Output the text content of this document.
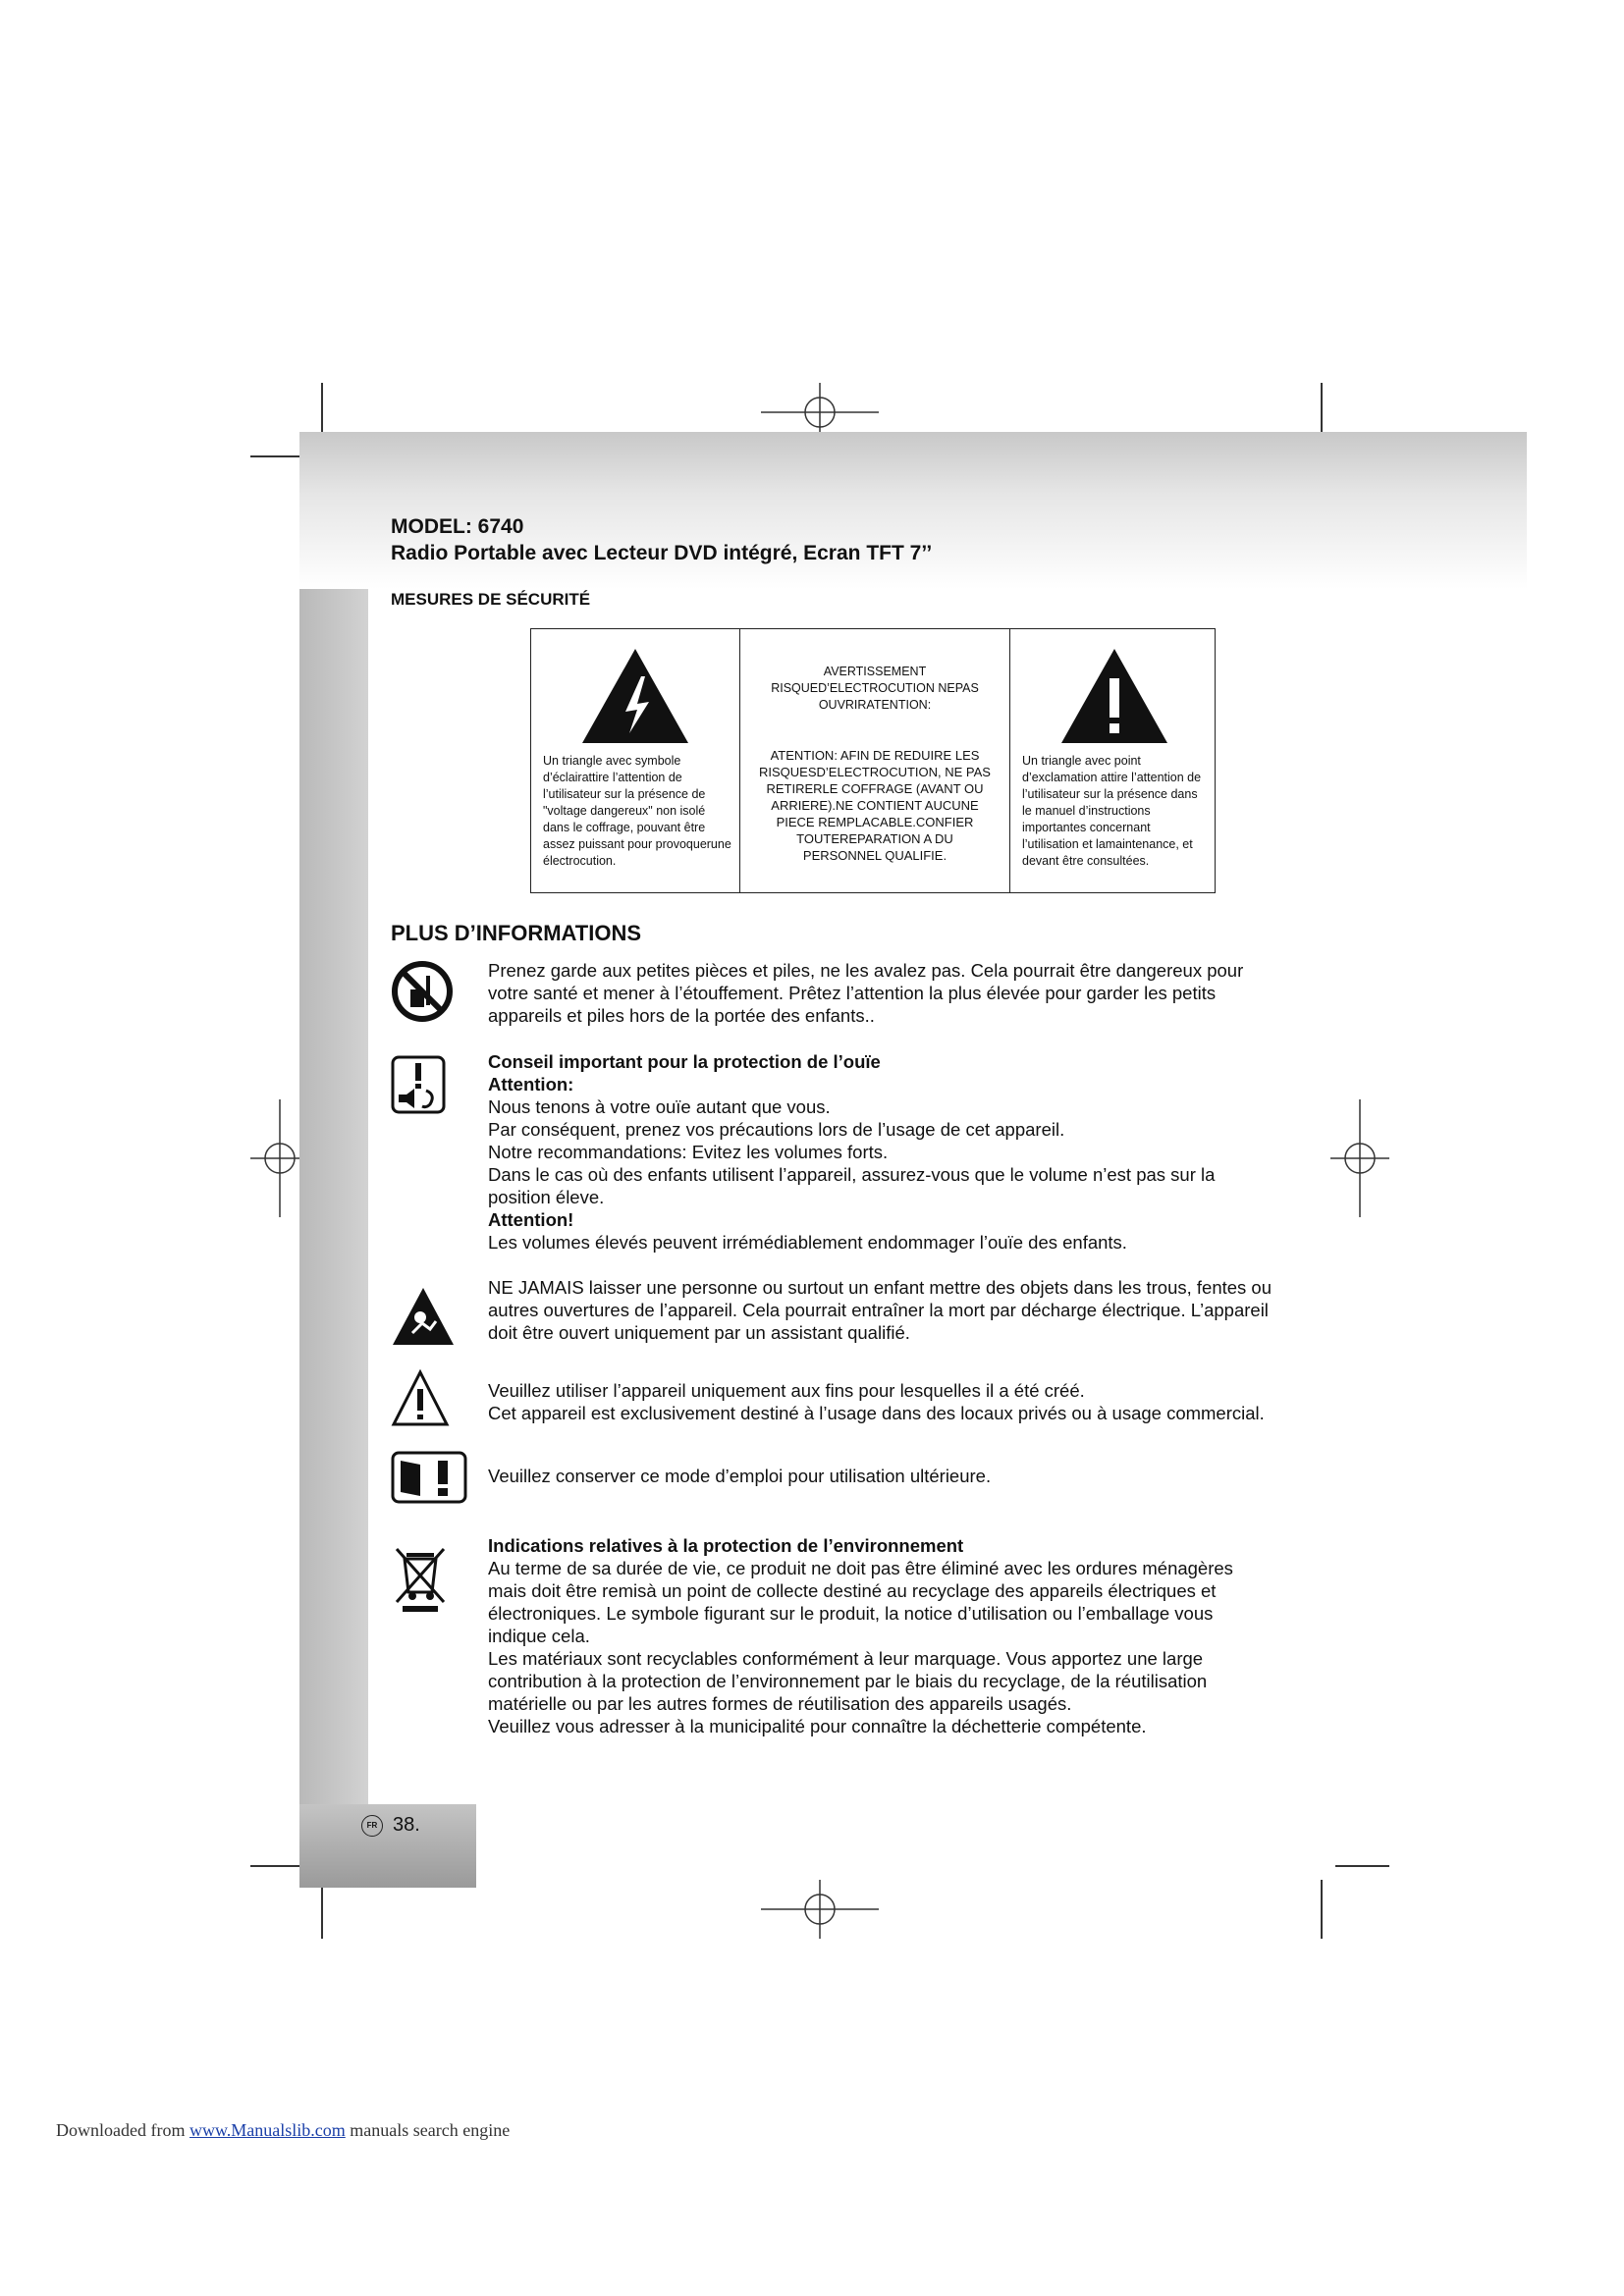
MODEL: 6740
Radio Portable avec Lecteur DVD intégré, Ecran TFT 7’’
MESURES DE SÉCURITÉ
Un triangle avec symbole d’éclairattire l’attention de l’utilisateur sur la présence de "voltage dangereux" non isolé dans le coffrage, pouvant être assez puissant pour provoquerune électrocution.
AVERTISSEMENT
RISQUED’ELECTROCUTION NEPAS
OUVRIRATENTION:
ATENTION: AFIN DE REDUIRE LES
RISQUESD’ELECTROCUTION, NE PAS
RETIRERLE COFFRAGE (AVANT OU
ARRIERE).NE CONTIENT AUCUNE
PIECE REMPLACABLE.CONFIER
TOUTEREPARATION A DU
PERSONNEL QUALIFIE.
Un triangle avec point d’exclamation attire l’attention de l’utilisateur sur la présence dans le manuel d’instructions importantes concernant l’utilisation et lamaintenance, et devant être consultées.
PLUS D’INFORMATIONS

Prenez garde aux petites pièces et piles, ne les avalez pas. Cela pourrait être dangereux pour

votre santé et mener à l’étouffement. Prêtez l’attention la plus élevée pour garder les petits

appareils et piles hors de la portée des enfants..

Conseil important pour la protection de l’ouïe

Attention:

Nous tenons à votre ouïe autant que vous.

Par conséquent, prenez vos précautions lors de l’usage de cet appareil.

Notre recommandations: Evitez les volumes forts.

Dans le cas où des enfants utilisent l’appareil, assurez-vous que le volume n’est pas sur la

position éleve.

Attention!

Les volumes élevés peuvent irrémédiablement endommager l’ouïe des enfants.

NE JAMAIS laisser une personne ou surtout un enfant mettre des objets dans les trous, fentes ou

autres ouvertures de l’appareil. Cela pourrait entraîner la mort par décharge électrique. L’appareil

doit être ouvert uniquement par un assistant qualifié.

Veuillez utiliser l’appareil uniquement aux fins pour lesquelles il a été créé.

Cet appareil est exclusivement destiné à l’usage dans des locaux privés ou à usage commercial.

Veuillez conserver ce mode d’emploi pour utilisation ultérieure.

Indications relatives à la protection de l’environnement

Au terme de sa durée de vie, ce produit ne doit pas être éliminé avec les ordures ménagères

mais doit être remisà un point de collecte destiné au recyclage des appareils électriques et

électroniques. Le symbole figurant sur le produit, la notice d’utilisation ou l’emballage vous

indique cela.

Les matériaux sont recyclables conformément à leur marquage. Vous apportez une large

contribution à la protection de l’environnement par le biais du recyclage, de la réutilisation

matérielle ou par les autres formes de réutilisation des appareils usagés.

Veuillez vous adresser à la municipalité pour connaître la déchetterie compétente.

FR 38.
Downloaded from www.Manualslib.com manuals search engine
